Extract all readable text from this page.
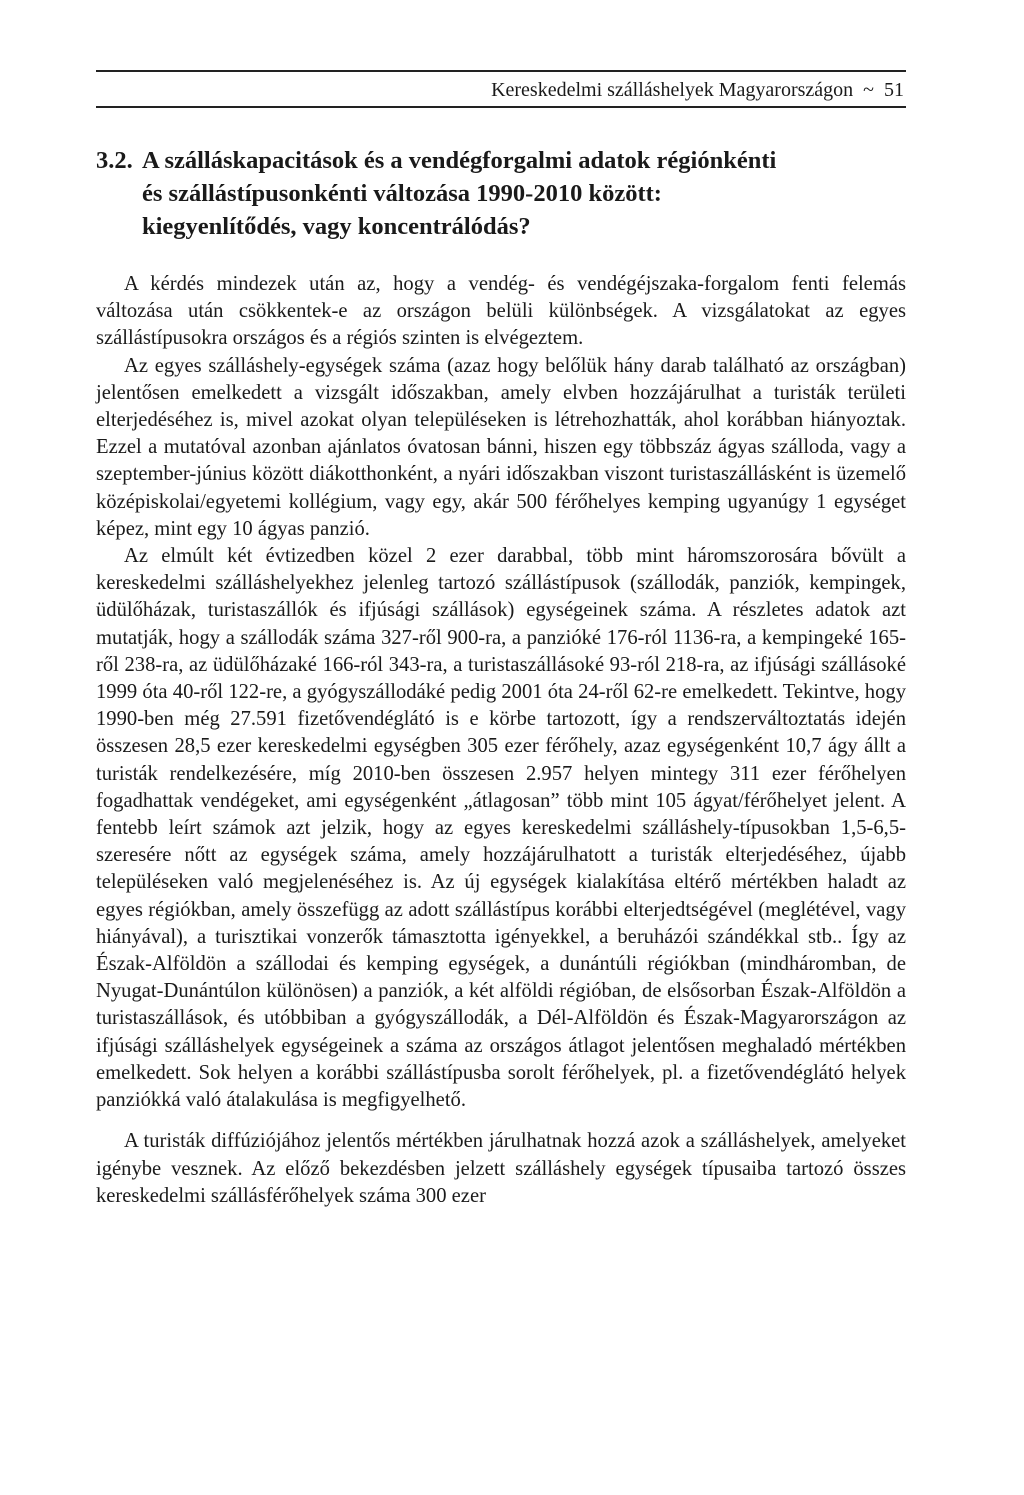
Kereskedelmi szálláshelyek Magyarországon ~ 51
3.2. A szálláskapacitások és a vendégforgalmi adatok régiónkénti
és szállástípusonkénti változása 1990-2010 között:
kiegyenlítődés, vagy koncentrálódás?

A kérdés mindezek után az, hogy a vendég- és vendégéjszaka-forgalom fenti felemás változása után csökkentek-e az országon belüli különbségek. A vizsgálatokat az egyes szállástípusokra országos és a régiós szinten is elvégeztem.

Az egyes szálláshely-egységek száma (azaz hogy belőlük hány darab található az országban) jelentősen emelkedett a vizsgált időszakban, amely elvben hozzájárulhat a turisták területi elterjedéséhez is, mivel azokat olyan településeken is létrehozhatták, ahol korábban hiányoztak. Ezzel a mutatóval azonban ajánlatos óvatosan bánni, hiszen egy többszáz ágyas szálloda, vagy a szeptember-június között diákotthonként, a nyári időszakban viszont turistaszállásként is üzemelő középiskolai/egyetemi kollégium, vagy egy, akár 500 férőhelyes kemping ugyanúgy 1 egységet képez, mint egy 10 ágyas panzió.

Az elmúlt két évtizedben közel 2 ezer darabbal, több mint háromszorosára bővült a kereskedelmi szálláshelyekhez jelenleg tartozó szállástípusok (szállodák, panziók, kempingek, üdülőházak, turistaszállók és ifjúsági szállások) egységeinek száma. A részletes adatok azt mutatják, hogy a szállodák száma 327-ről 900-ra, a panzióké 176-ról 1136-ra, a kempingeké 165-ről 238-ra, az üdülőházaké 166-ról 343-ra, a turistaszállásoké 93-ról 218-ra, az ifjúsági szállásoké 1999 óta 40-ről 122-re, a gyógyszállodáké pedig 2001 óta 24-ről 62-re emelkedett. Tekintve, hogy 1990-ben még 27.591 fizetővendéglátó is e körbe tartozott, így a rendszerváltoztatás idején összesen 28,5 ezer kereskedelmi egységben 305 ezer férőhely, azaz egységenként 10,7 ágy állt a turisták rendelkezésére, míg 2010-ben összesen 2.957 helyen mintegy 311 ezer férőhelyen fogadhattak vendégeket, ami egységenként „átlagosan” több mint 105 ágyat/férőhelyet jelent. A fentebb leírt számok azt jelzik, hogy az egyes kereskedelmi szálláshely-típusokban 1,5-6,5-szeresére nőtt az egységek száma, amely hozzájárulhatott a turisták elterjedéséhez, újabb településeken való megjelenéséhez is. Az új egységek kialakítása eltérő mértékben haladt az egyes régiókban, amely összefügg az adott szállástípus korábbi elterjedtségével (meglétével, vagy hiányával), a turisztikai vonzerők támasztotta igényekkel, a beruházói szándékkal stb.. Így az Észak-Alföldön a szállodai és kemping egységek, a dunántúli régiókban (mindháromban, de Nyugat-Dunántúlon különösen) a panziók, a két alföldi régióban, de elsősorban Észak-Alföldön a turistaszállások, és utóbbiban a gyógyszállodák, a Dél-Alföldön és Észak-Magyarországon az ifjúsági szálláshelyek egységeinek a száma az országos átlagot jelentősen meghaladó mértékben emelkedett. Sok helyen a korábbi szállástípusba sorolt férőhelyek, pl. a fizetővendéglátó helyek panziókká való átalakulása is megfigyelhető.

A turisták diffúziójához jelentős mértékben járulhatnak hozzá azok a szálláshelyek, amelyeket igénybe vesznek. Az előző bekezdésben jelzett szálláshely egységek típusaiba tartozó összes kereskedelmi szállásférőhelyek száma 300 ezer
